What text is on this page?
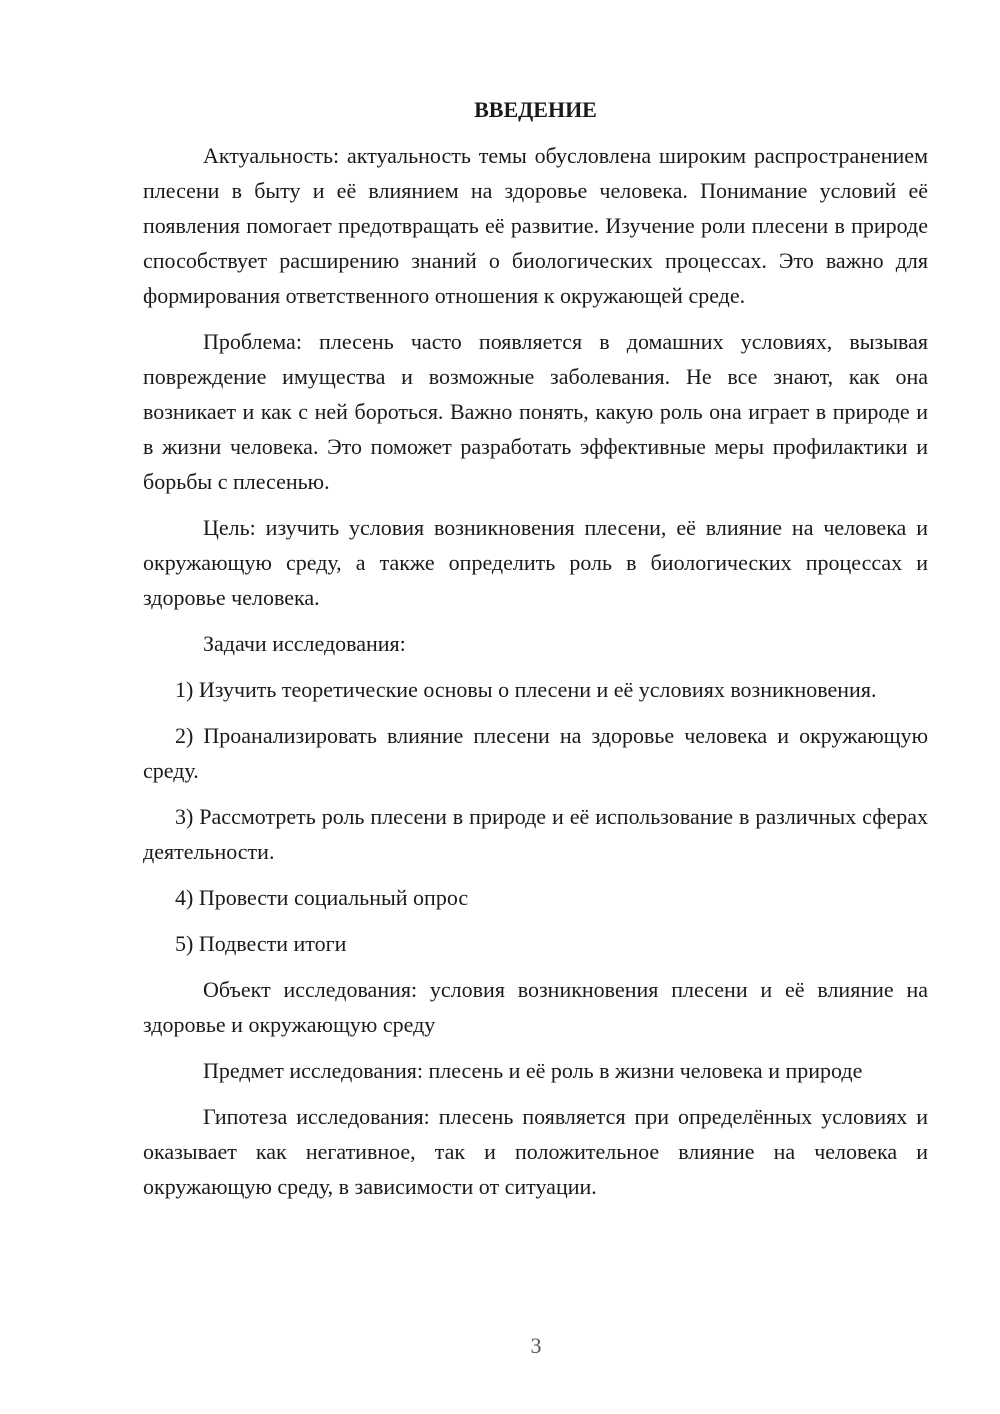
ВВЕДЕНИЕ

Актуальность: актуальность темы обусловлена широким распространением плесени в быту и её влиянием на здоровье человека. Понимание условий её появления помогает предотвращать её развитие. Изучение роли плесени в природе способствует расширению знаний о биологических процессах. Это важно для формирования ответственного отношения к окружающей среде.

Проблема: плесень часто появляется в домашних условиях, вызывая повреждение имущества и возможные заболевания. Не все знают, как она возникает и как с ней бороться. Важно понять, какую роль она играет в природе и в жизни человека. Это поможет разработать эффективные меры профилактики и борьбы с плесенью.

Цель: изучить условия возникновения плесени, её влияние на человека и окружающую среду, а также определить роль в биологических процессах и здоровье человека.

Задачи исследования:

1) Изучить теоретические основы о плесени и её условиях возникновения.

2) Проанализировать влияние плесени на здоровье человека и окружающую среду.

3) Рассмотреть роль плесени в природе и её использование в различных сферах деятельности.

4) Провести социальный опрос

5) Подвести итоги

Объект исследования: условия возникновения плесени и её влияние на здоровье и окружающую среду

Предмет исследования: плесень и её роль в жизни человека и природе

Гипотеза исследования: плесень появляется при определённых условиях и оказывает как негативное, так и положительное влияние на человека и окружающую среду, в зависимости от ситуации.

3
